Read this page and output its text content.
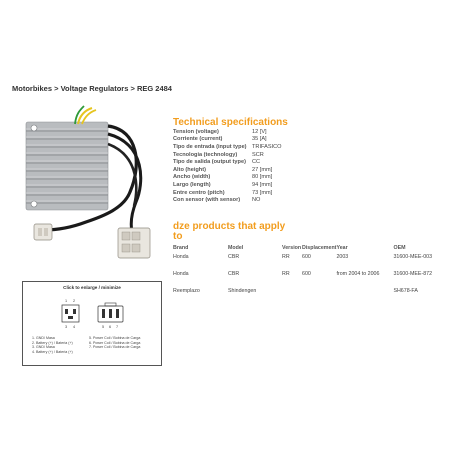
Motorbikes > Voltage Regulators > REG 2484
Technical specifications
Tension (voltage)	12 [V]
Corriente (current)	35 [A]
Tipo de entrada (input type)	TRIFASICO
Tecnologia (technology)	SCR
Tipo de salida (output type)	CC
Alto (height)	27 [mm]
Ancho (width)	80 [mm]
Largo (length)	94 [mm]
Entre centro (pitch)	73 [mm]
Con sensor (with sensor)	NO
dze products that apply to
Brand	Model	Version	Displacement	Year	OEM
Honda	CBR	RR	600	2003	31600-MEE-003
Honda	CBR	RR	600	from 2004 to 2006	31600-MEE-872
Reemplazo	Shindengen				SH678-FA
Click to enlarge / minimize
1 2
3 4	5 6 7
1. GND/ Masa
2. Battery (+) / Bateria (+)
3. GND/ Masa
4. Battery (+) / Bateria (+)
5. Power Coil / Bobina de Carga
6. Power Coil / Bobina de Carga
7. Power Coil / Bobina de Carga
